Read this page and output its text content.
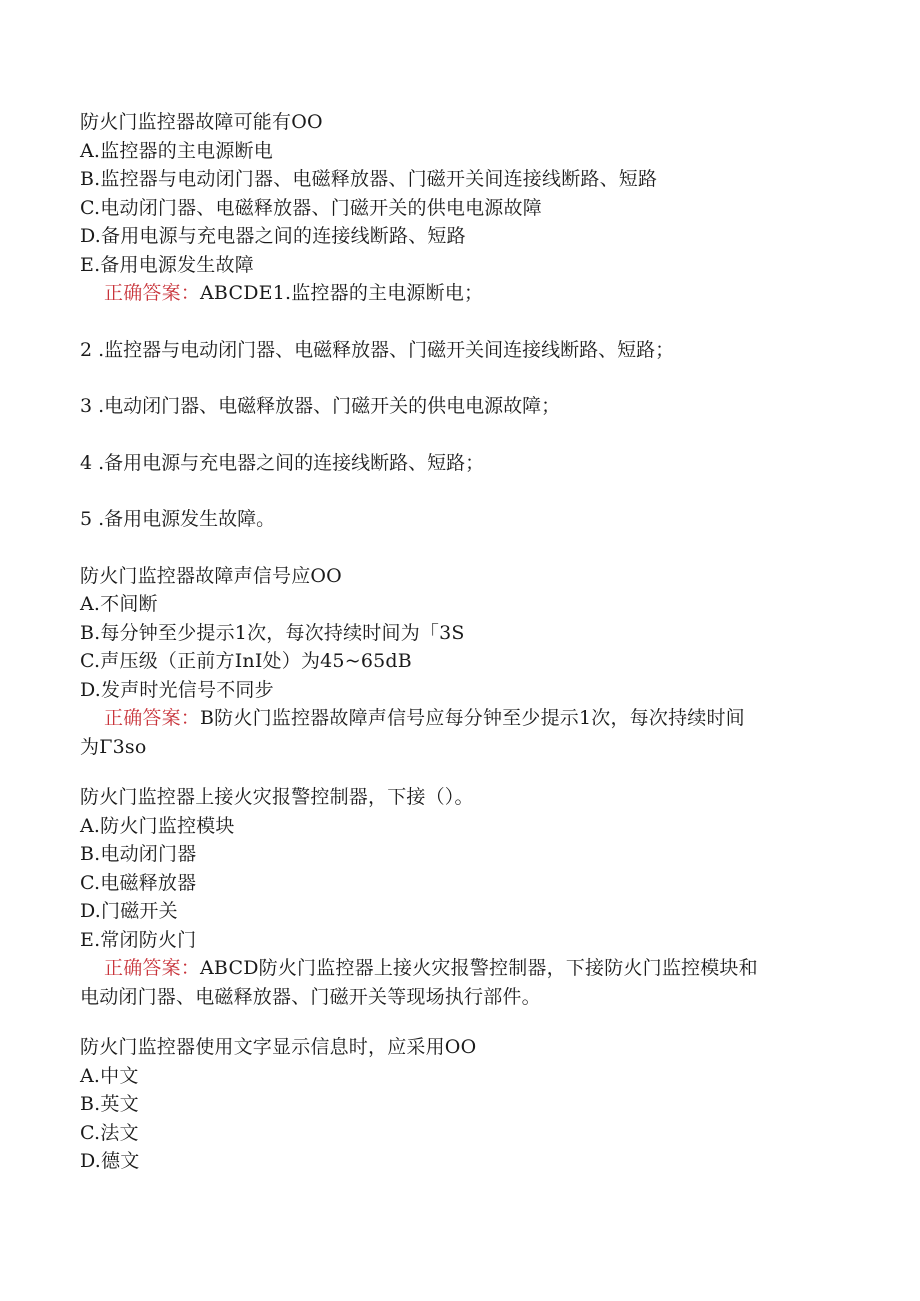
防火门监控器故障可能有OO
A.监控器的主电源断电
B.监控器与电动闭门器、电磁释放器、门磁开关间连接线断路、短路
C.电动闭门器、电磁释放器、门磁开关的供电电源故障
D.备用电源与充电器之间的连接线断路、短路
E.备用电源发生故障
正确答案：ABCDE1.监控器的主电源断电；
2 .监控器与电动闭门器、电磁释放器、门磁开关间连接线断路、短路；
3 .电动闭门器、电磁释放器、门磁开关的供电电源故障；
4 .备用电源与充电器之间的连接线断路、短路；
5 .备用电源发生故障。
防火门监控器故障声信号应OO
A.不间断
B.每分钟至少提示1次，每次持续时间为「3S
C.声压级（正前方InI处）为45~65dB
D.发声时光信号不同步
正确答案：B防火门监控器故障声信号应每分钟至少提示1次，每次持续时间
为Γ3so
防火门监控器上接火灾报警控制器，下接（）。
A.防火门监控模块
B.电动闭门器
C.电磁释放器
D.门磁开关
E.常闭防火门
正确答案：ABCD防火门监控器上接火灾报警控制器，下接防火门监控模块和
电动闭门器、电磁释放器、门磁开关等现场执行部件。
防火门监控器使用文字显示信息时，应采用OO
A.中文
B.英文
C.法文
D.德文
